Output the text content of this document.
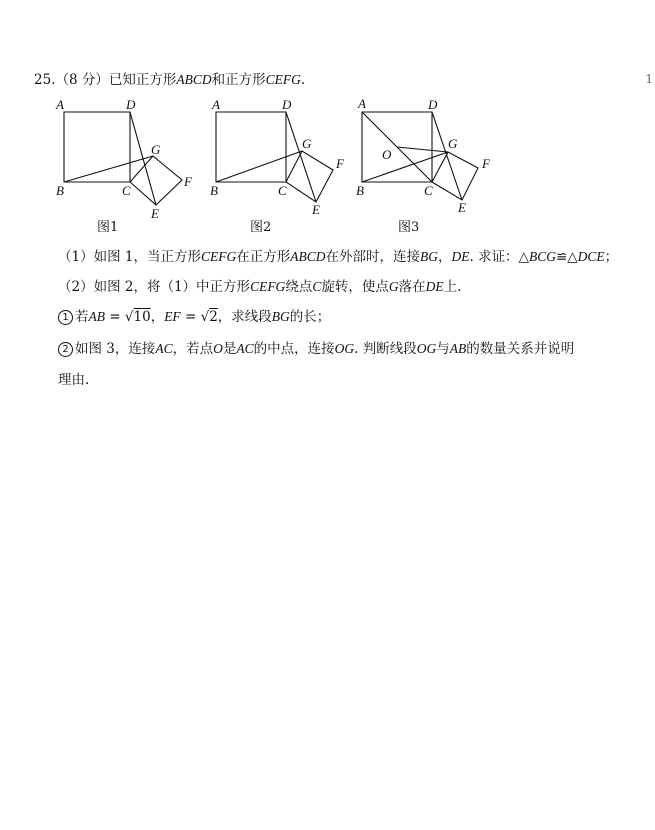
25.（8 分）已知正方形ABCD和正方形CEFG.	1
A	D
B	C
G
F
E
图1
A	D
B	C
G
F
E
图2
A	D
B	C
G
F
E
O
图3
（1）如图 1，当正方形CEFG在正方形ABCD在外部时，连接BG，DE. 求证：△BCG≌△DCE；
（2）如图 2，将（1）中正方形CEFG绕点C旋转，使点G落在DE上.
1 若AB = √10，EF = √2，求线段BG的长；
2 如图 3，连接AC，若点O是AC的中点，连接OG. 判断线段OG与AB的数量关系并说明
理由.
